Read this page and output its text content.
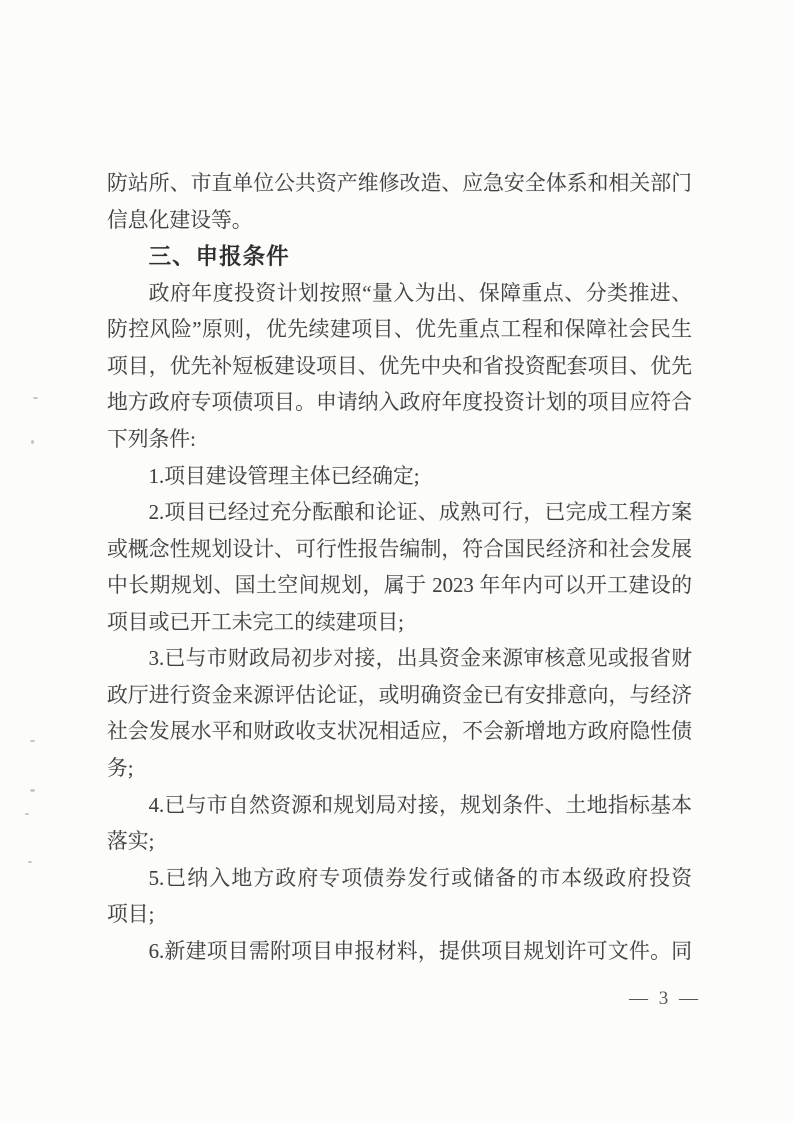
防站所、市直单位公共资产维修改造、应急安全体系和相关部门
信息化建设等。
三、申报条件
政府年度投资计划按照“量入为出、保障重点、分类推进、
防控风险”原则，优先续建项目、优先重点工程和保障社会民生
项目，优先补短板建设项目、优先中央和省投资配套项目、优先
地方政府专项债项目。申请纳入政府年度投资计划的项目应符合
下列条件:
1.项目建设管理主体已经确定;
2.项目已经过充分酝酿和论证、成熟可行，已完成工程方案
或概念性规划设计、可行性报告编制，符合国民经济和社会发展
中长期规划、国土空间规划，属于 2023 年年内可以开工建设的
项目或已开工未完工的续建项目;
3.已与市财政局初步对接，出具资金来源审核意见或报省财
政厅进行资金来源评估论证，或明确资金已有安排意向，与经济
社会发展水平和财政收支状况相适应，不会新增地方政府隐性债
务;
4.已与市自然资源和规划局对接，规划条件、土地指标基本
落实;
5.已纳入地方政府专项债券发行或储备的市本级政府投资
项目;
6.新建项目需附项目申报材料，提供项目规划许可文件。同
— 3 —
